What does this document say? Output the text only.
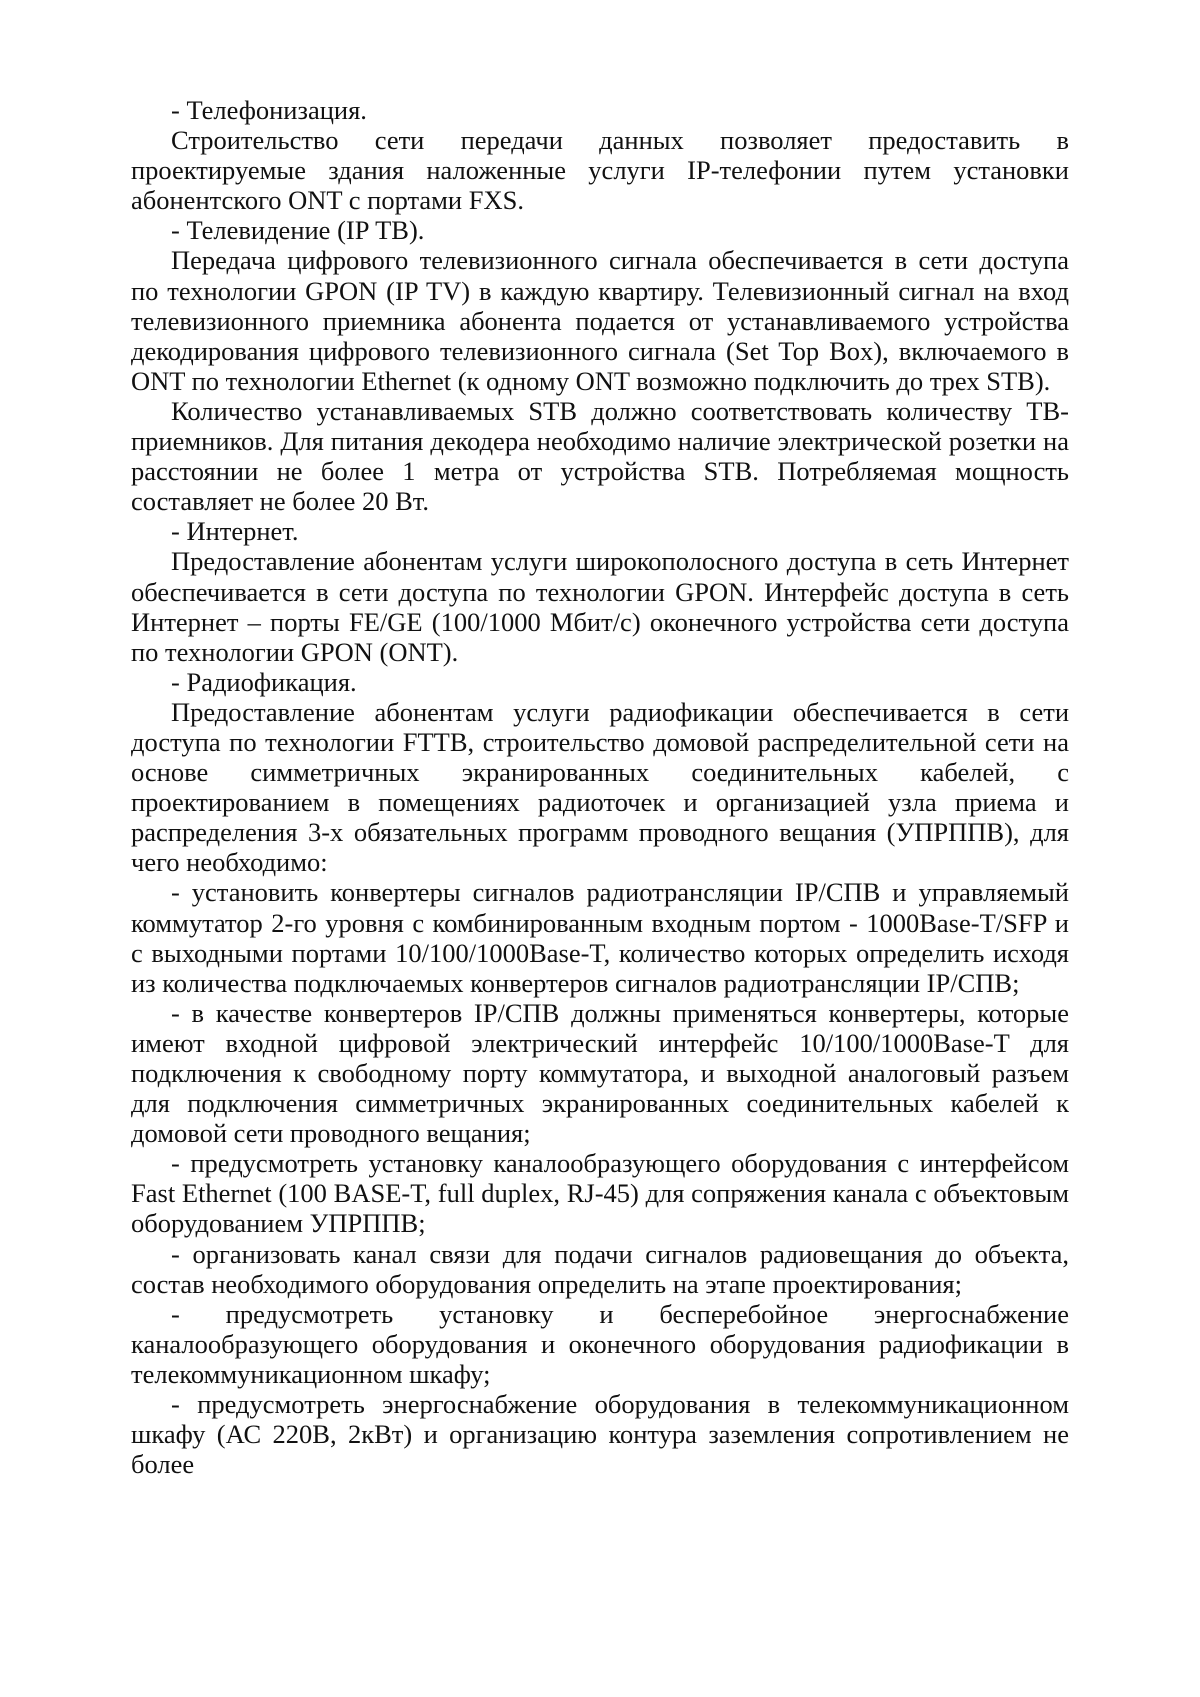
- Телефонизация.

Строительство сети передачи данных позволяет предоставить в проектируемые здания наложенные услуги IP-телефонии путем установки абонентского ONT с портами FXS.

- Телевидение (IP ТВ).

Передача цифрового телевизионного сигнала обеспечивается в сети доступа по технологии GPON (IP TV) в каждую квартиру. Телевизионный сигнал на вход телевизионного приемника абонента подается от устанавливаемого устройства декодирования цифрового телевизионного сигнала (Set Top Box), включаемого в ONT по технологии Ethernet (к одному ONT возможно подключить до трех STB).

Количество устанавливаемых STB должно соответствовать количеству ТВ-приемников. Для питания декодера необходимо наличие электрической розетки на расстоянии не более 1 метра от устройства STB. Потребляемая мощность составляет не более 20 Вт.

- Интернет.

Предоставление абонентам услуги широкополосного доступа в сеть Интернет обеспечивается в сети доступа по технологии GPON. Интерфейс доступа в сеть Интернет – порты FE/GE (100/1000 Мбит/с) оконечного устройства сети доступа по технологии GPON (ONT).

- Радиофикация.

Предоставление абонентам услуги радиофикации обеспечивается в сети доступа по технологии FTTB, строительство домовой распределительной сети на основе симметричных экранированных соединительных кабелей, с проектированием в помещениях радиоточек и организацией узла приема и распределения 3-х обязательных программ проводного вещания (УПРППВ), для чего необходимо:

- установить конвертеры сигналов радиотрансляции IP/СПВ и управляемый коммутатор 2-го уровня с комбинированным входным портом - 1000Base-T/SFP и с выходными портами 10/100/1000Base-T, количество которых определить исходя из количества подключаемых конвертеров сигналов радиотрансляции IP/СПВ;

- в качестве конвертеров IP/СПВ должны применяться конвертеры, которые имеют входной цифровой электрический интерфейс 10/100/1000Base-T для подключения к свободному порту коммутатора, и выходной аналоговый разъем для подключения симметричных экранированных соединительных кабелей к домовой сети проводного вещания;

- предусмотреть установку каналообразующего оборудования с интерфейсом Fast Ethernet (100 BASE-T, full duplex, RJ-45) для сопряжения канала с объектовым оборудованием УПРППВ;

- организовать канал связи для подачи сигналов радиовещания до объекта, состав необходимого оборудования определить на этапе проектирования;

- предусмотреть установку и бесперебойное энергоснабжение каналообразующего оборудования и оконечного оборудования радиофикации в телекоммуникационном шкафу;

- предусмотреть энергоснабжение оборудования в телекоммуникационном шкафу (АС 220В, 2кВт) и организацию контура заземления сопротивлением не более
